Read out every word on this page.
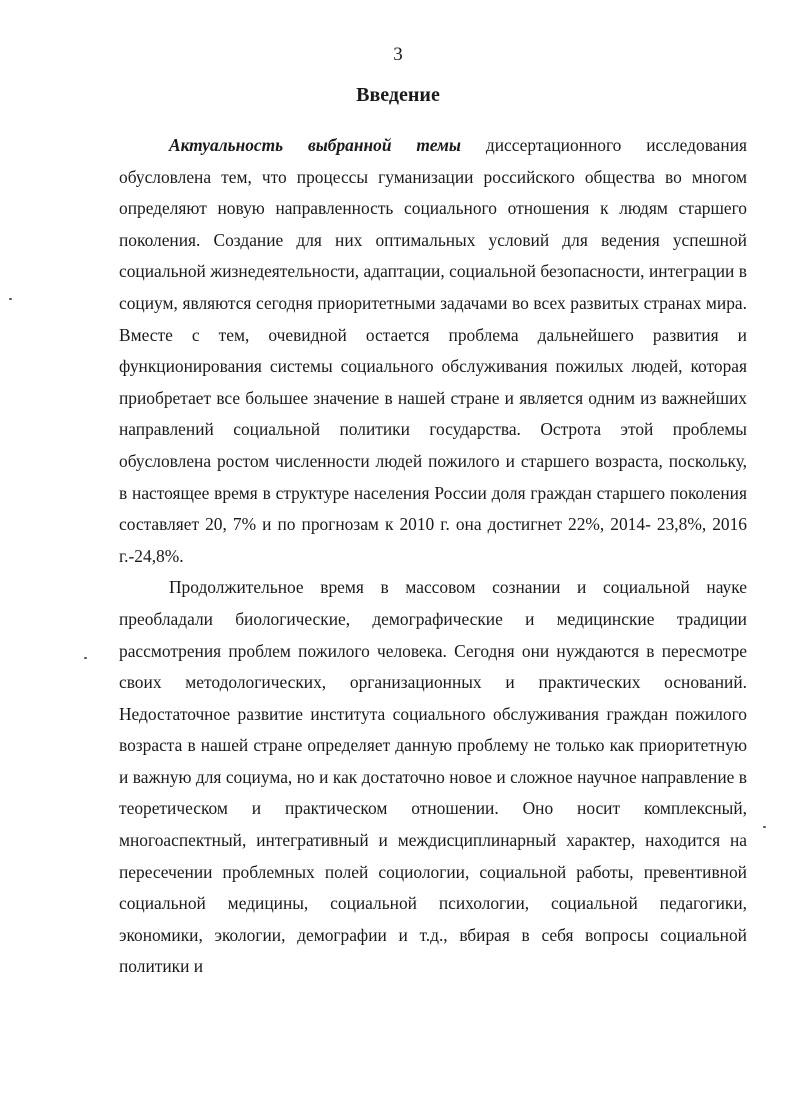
3
Введение

Актуальность выбранной темы диссертационного исследования обусловлена тем, что процессы гуманизации российского общества во многом определяют новую направленность социального отношения к людям старшего поколения. Создание для них оптимальных условий для ведения успешной социальной жизнедеятельности, адаптации, социальной безопасности, интеграции в социум, являются сегодня приоритетными задачами во всех развитых странах мира. Вместе с тем, очевидной остается проблема дальнейшего развития и функционирования системы социального обслуживания пожилых людей, которая приобретает все большее значение в нашей стране и является одним из важнейших направлений социальной политики государства. Острота этой проблемы обусловлена ростом численности людей пожилого и старшего возраста, поскольку, в настоящее время в структуре населения России доля граждан старшего поколения составляет 20, 7% и по прогнозам к 2010 г. она достигнет 22%, 2014- 23,8%, 2016 г.-24,8%.

Продолжительное время в массовом сознании и социальной науке преобладали биологические, демографические и медицинские традиции рассмотрения проблем пожилого человека. Сегодня они нуждаются в пересмотре своих методологических, организационных и практических оснований. Недостаточное развитие института социального обслуживания граждан пожилого возраста в нашей стране определяет данную проблему не только как приоритетную и важную для социума, но и как достаточно новое и сложное научное направление в теоретическом и практическом отношении. Оно носит комплексный, многоаспектный, интегративный и междисциплинарный характер, находится на пересечении проблемных полей социологии, социальной работы, превентивной социальной медицины, социальной психологии, социальной педагогики, экономики, экологии, демографии и т.д., вбирая в себя вопросы социальной политики и
